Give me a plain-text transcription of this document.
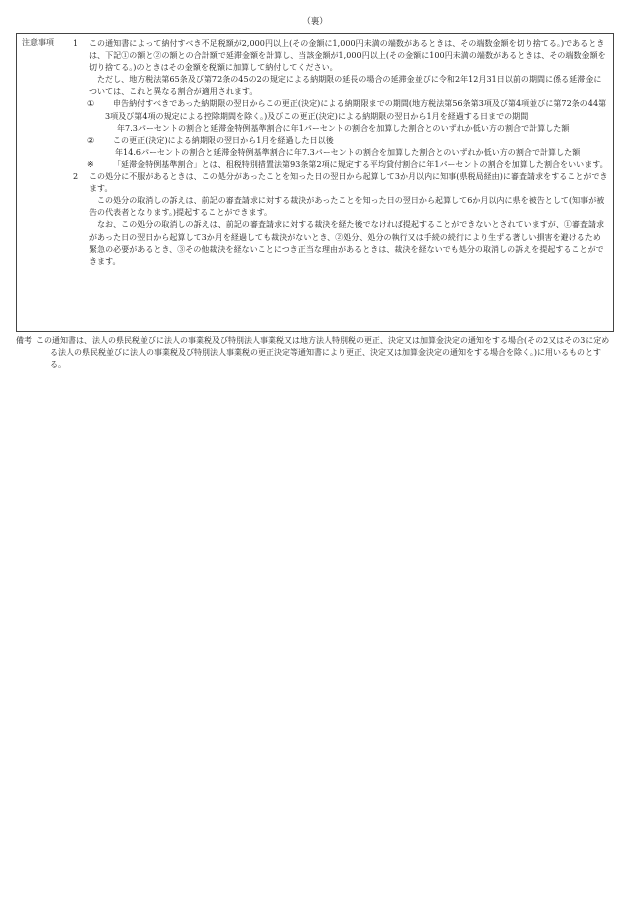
（裏）
注意事項 1 この通知書によって納付すべき不足税額が2,000円以上(その金額に1,000円未満の端数があるときは、その端数金額を切り捨てる。)であるときは、下記①の額と②の額との合計額で延滞金額を計算し、当該金額が1,000円以上(その金額に100円未満の端数があるときは、その端数金額を切り捨てる。)のときはその金額を税額に加算して納付してください。

ただし、地方税法第65条及び第72条の45の2の規定による納期限の延長の場合の延滞金並びに令和2年12月31日以前の期間に係る延滞金については、これと異なる割合が適用されます。

①	申告納付すべきであった納期限の翌日からこの更正(決定)による納期限までの期間(地方税法第56条第3項及び第4項並びに第72条の44第3項及び第4項の規定による控除期間を除く。)及びこの更正(決定)による納期限の翌日から1月を経過する日までの期間

年7.3パーセントの割合と延滞金特例基準割合に年1パーセントの割合を加算した割合とのいずれか低い方の割合で計算した額

②	この更正(決定)による納期限の翌日から1月を経過した日以後

年14.6パーセントの割合と延滞金特例基準割合に年7.3パーセントの割合を加算した割合とのいずれか低い方の割合で計算した額

※	「延滞金特例基準割合」とは、租税特別措置法第93条第2項に規定する平均貸付割合に年1パーセントの割合を加算した割合をいいます。

2 この処分に不服があるときは、この処分があったことを知った日の翌日から起算して3か月以内に知事(県税局経由)に審査請求をすることができます。

この処分の取消しの訴えは、前記の審査請求に対する裁決があったことを知った日の翌日から起算して6か月以内に県を被告として(知事が被告の代表者となります。)提起することができます。

なお、この処分の取消しの訴えは、前記の審査請求に対する裁決を経た後でなければ提起することができないとされていますが、①審査請求があった日の翌日から起算して3か月を経過しても裁決がないとき、②処分、処分の執行又は手続の続行により生ずる著しい損害を避けるため緊急の必要があるとき、③その他裁決を経ないことにつき正当な理由があるときは、裁決を経ないでも処分の取消しの訴えを提起することができます。

備考 この通知書は、法人の県民税並びに法人の事業税及び特別法人事業税又は地方法人特別税の更正、決定又は加算金決定の通知をする場合(その2又はその3に定める法人の県民税並びに法人の事業税及び特別法人事業税の更正決定等通知書により更正、決定又は加算金決定の通知をする場合を除く。)に用いるものとする。
